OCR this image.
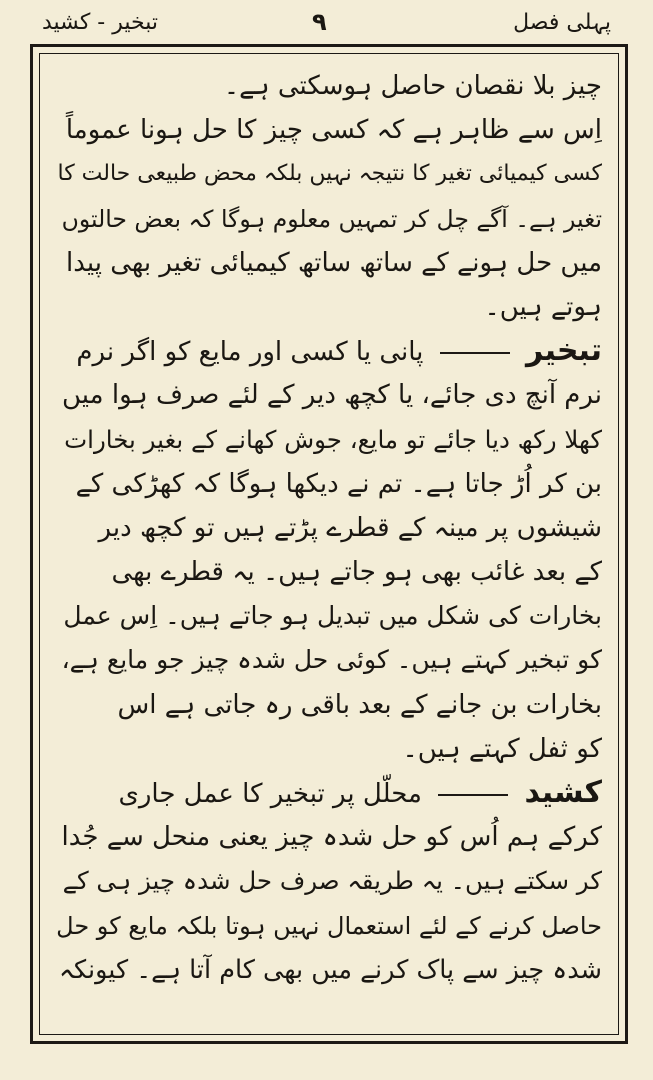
تبخیر - کشید	۹	پہلی فصل
چیز بلا نقصان حاصل ہوسکتی ہے۔
اِس سے ظاہر ہے کہ کسی چیز کا حل ہونا عموماً
کسی کیمیائی تغیر کا نتیجہ نہیں بلکہ محض طبیعی حالت کا
تغیر ہے۔ آگے چل کر تمہیں معلوم ہوگا کہ بعض حالتوں
میں حل ہونے کے ساتھ ساتھ کیمیائی تغیر بھی پیدا
ہوتے ہیں۔
تبخیر  پانی یا کسی اور مایع کو اگر نرم
نرم آنچ دی جائے، یا کچھ دیر کے لئے صرف ہوا میں
کھلا رکھ دیا جائے تو مایع، جوش کھانے کے بغیر بخارات
بن کر اُڑ جاتا ہے۔ تم نے دیکھا ہوگا کہ کھڑکی کے
شیشوں پر مینہ کے قطرے پڑتے ہیں تو کچھ دیر
کے بعد غائب بھی ہو جاتے ہیں۔ یہ قطرے بھی
بخارات کی شکل میں تبدیل ہو جاتے ہیں۔ اِس عمل
کو تبخیر کہتے ہیں۔ کوئی حل شدہ چیز جو مایع ہے،
بخارات بن جانے کے بعد باقی رہ جاتی ہے اس
کو ثفل کہتے ہیں۔
کشید  محلّل پر تبخیر کا عمل جاری
کرکے ہم اُس کو حل شدہ چیز یعنی منحل سے جُدا
کر سکتے ہیں۔ یہ طریقہ صرف حل شدہ چیز ہی کے
حاصل کرنے کے لئے استعمال نہیں ہوتا بلکہ مایع کو حل
شدہ چیز سے پاک کرنے میں بھی کام آتا ہے۔ کیونکہ
